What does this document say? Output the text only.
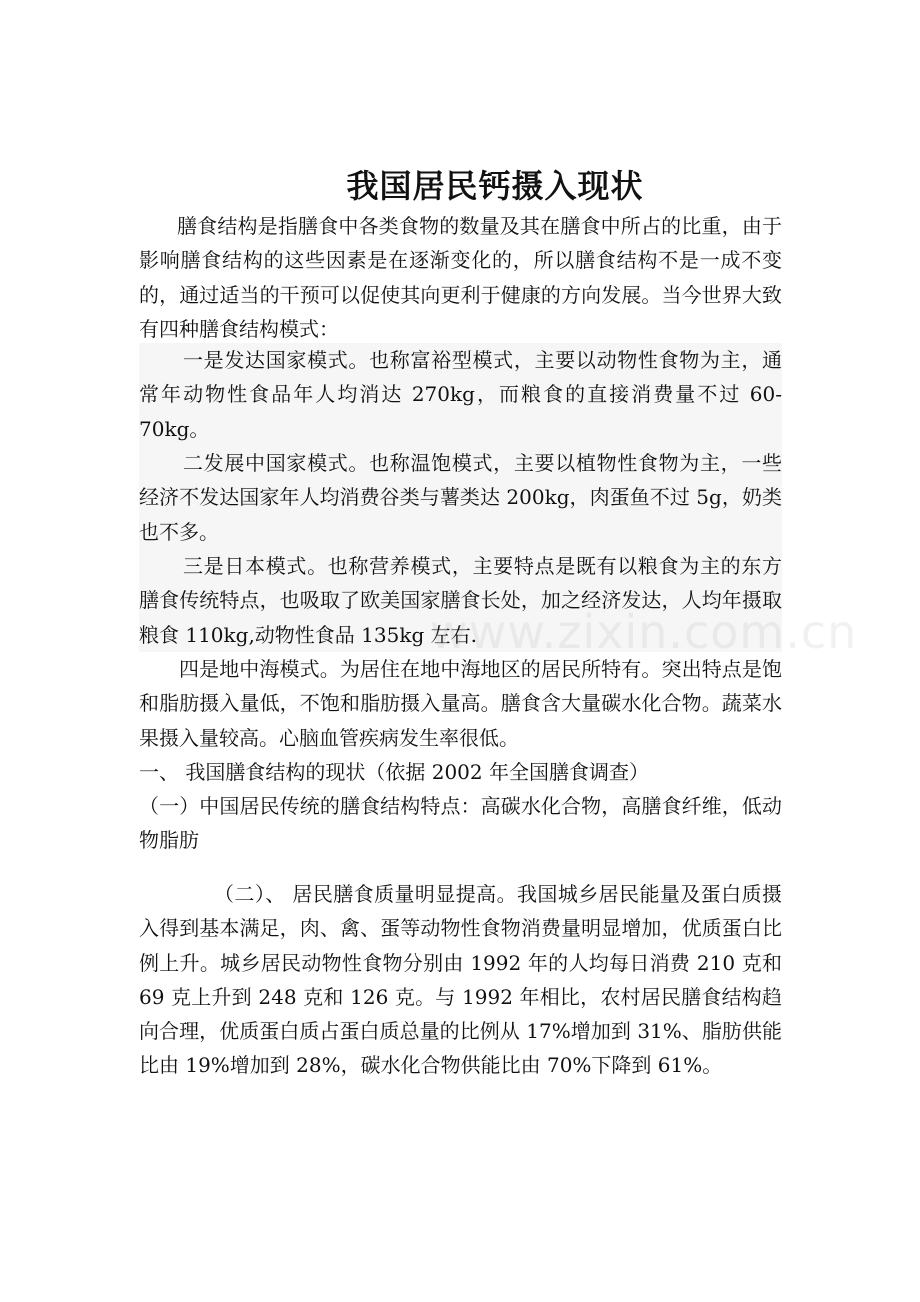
我国居民钙摄入现状

膳食结构是指膳食中各类食物的数量及其在膳食中所占的比重，由于影响膳食结构的这些因素是在逐渐变化的，所以膳食结构不是一成不变的，通过适当的干预可以促使其向更利于健康的方向发展。当今世界大致有四种膳食结构模式：

一是发达国家模式。也称富裕型模式，主要以动物性食物为主，通常年动物性食品年人均消达 270kg，而粮食的直接消费量不过 60-70kg。

二发展中国家模式。也称温饱模式，主要以植物性食物为主，一些经济不发达国家年人均消费谷类与薯类达 200kg，肉蛋鱼不过 5g，奶类也不多。

三是日本模式。也称营养模式，主要特点是既有以粮食为主的东方膳食传统特点，也吸取了欧美国家膳食长处，加之经济发达，人均年摄取粮食 110kg,动物性食品 135kg 左右.

四是地中海模式。为居住在地中海地区的居民所特有。突出特点是饱和脂肪摄入量低，不饱和脂肪摄入量高。膳食含大量碳水化合物。蔬菜水果摄入量较高。心脑血管疾病发生率很低。

一、 我国膳食结构的现状（依据 2002 年全国膳食调查）

（一）中国居民传统的膳食结构特点：高碳水化合物，高膳食纤维，低动物脂肪

（二）、 居民膳食质量明显提高。我国城乡居民能量及蛋白质摄入得到基本满足，肉、禽、蛋等动物性食物消费量明显增加，优质蛋白比例上升。城乡居民动物性食物分别由 1992 年的人均每日消费 210 克和 69 克上升到 248 克和 126 克。与 1992 年相比，农村居民膳食结构趋向合理，优质蛋白质占蛋白质总量的比例从 17%增加到 31%、脂肪供能比由 19%增加到 28%，碳水化合物供能比由 70%下降到 61%。

www.zixin.com.cn
